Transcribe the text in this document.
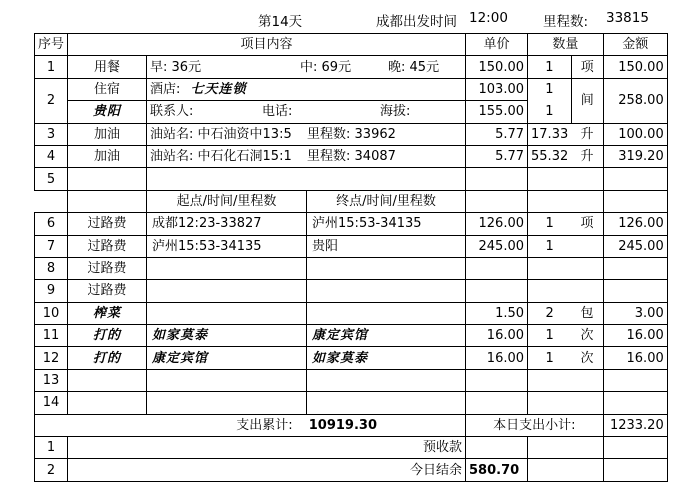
第14天	成都出发时间 12:00	里程数: 33815
序号	项目内容			单价	数量		金额
1	用餐	早: 36元 中: 69元 晚: 45元		150.00	1	项	150.00
2	住宿	酒店: 七天连锁		103.00	1	间	258.00
	贵阳	联系人: 电话: 海拔:		155.00	1		
3	加油	油站名: 中石油资中13:5 里程数: 33962		5.77	17.33	升	100.00
4	加油	油站名: 中石化石洞15:1 里程数: 34087		5.77	55.32	升	319.20
5							
		起点/时间/里程数	终点/时间/里程数				
6	过路费	成都12:23-33827	泸州15:53-34135	126.00	1	项	126.00
7	过路费	泸州15:53-34135	贵阳	245.00	1		245.00
8	过路费						
9	过路费						
10	榨菜			1.50	2	包	3.00
11	打的	如家莫泰	康定宾馆	16.00	1	次	16.00
12	打的	康定宾馆	如家莫泰	16.00	1	次	16.00
13							
14							
支出累计: 10919.30				本日支出小计:			1233.20
1	预收款						
2	今日结余			580.70			
